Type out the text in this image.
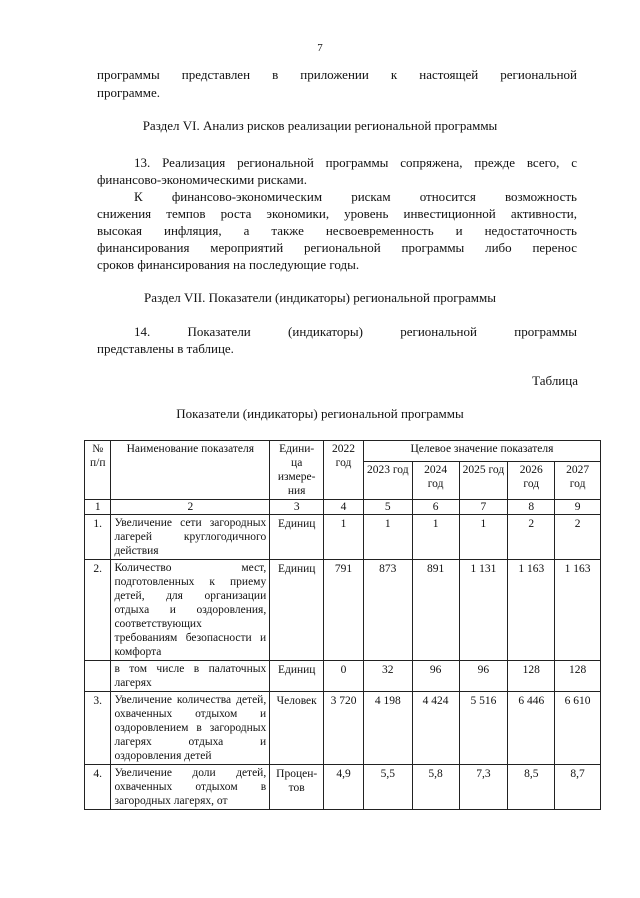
7
программы представлен в приложении к настоящей региональной
программе.
Раздел VI. Анализ рисков реализации региональной программы
13. Реализация региональной программы сопряжена, прежде всего, с
финансово-экономическими рисками.
К финансово-экономическим рискам относится возможность
снижения темпов роста экономики, уровень инвестиционной активности,
высокая инфляция, а также несвоевременность и недостаточность
финансирования мероприятий региональной программы либо перенос
сроков финансирования на последующие годы.
Раздел VII. Показатели (индикаторы) региональной программы
14. Показатели (индикаторы) региональной программы
представлены в таблице.
Таблица
Показатели (индикаторы) региональной программы
№ п/п	Наименование показателя	Едини- ца измере- ния	2022 год	Целевое значение показателя				
				2023 год	2024 год	2025 год	2026 год	2027 год
1	2	3	4	5	6	7	8	9
1.	Увеличение сети загородных лагерей круглогодичного действия	Единиц	1	1	1	1	2	2
2.	Количество мест, подготовленных к приему детей, для организации отдыха и оздоровления, соответствующих требованиям безопасности и комфорта	Единиц	791	873	891	1 131	1 163	1 163
	в том числе в палаточных лагерях	Единиц	0	32	96	96	128	128
3.	Увеличение количества детей, охваченных отдыхом и оздоровлением в загородных лагерях отдыха и оздоровления детей	Человек	3 720	4 198	4 424	5 516	6 446	6 610
4.	Увеличение доли детей, охваченных отдыхом в загородных лагерях, от	Процен- тов	4,9	5,5	5,8	7,3	8,5	8,7
